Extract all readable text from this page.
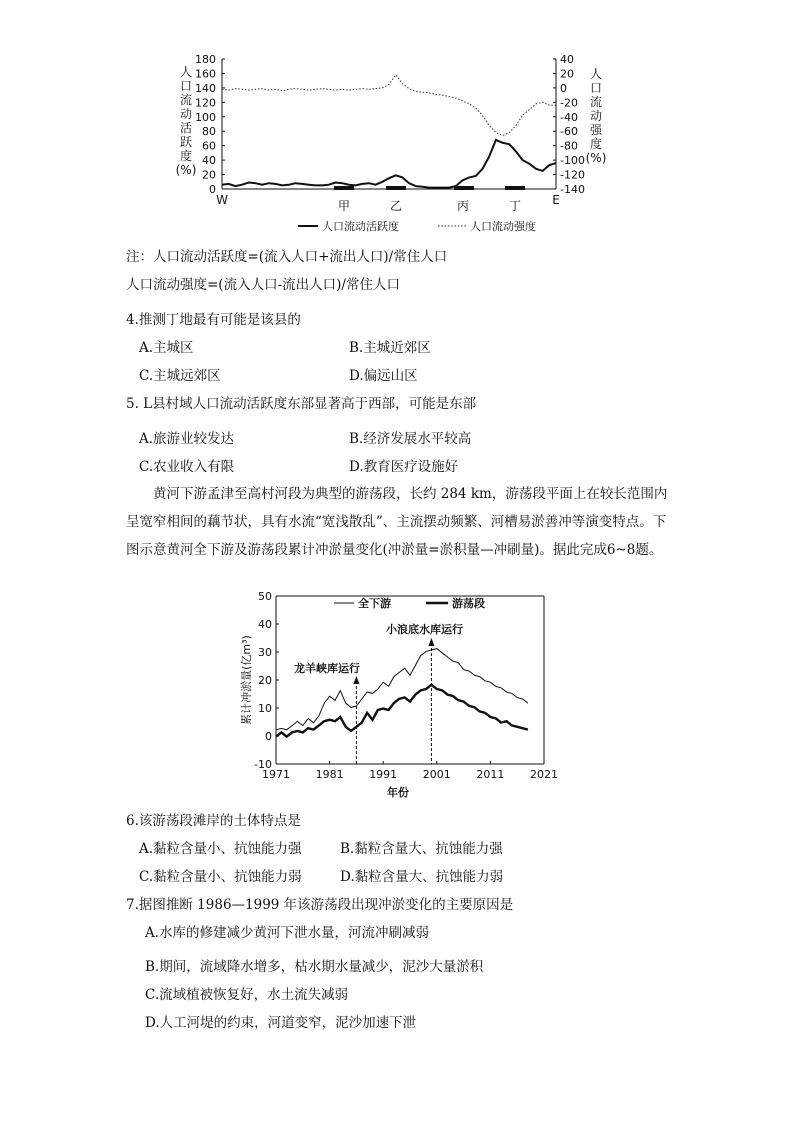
人
口
流
动
活
跃
度
(%)
人
口
流
动
强
度
(%)
180
160
140
120
100
80
60
40
20
0
40
20
0
-20
-40
-60
-80
-100
-120
-140
W	甲	乙	丙	丁	E
人口流动活跃度	人口流动强度
注：人口流动活跃度=(流入人口+流出人口)/常住人口
人口流动强度=(流入人口-流出人口)/常住人口
4.推测丁地最有可能是该县的
A.主城区	B.主城近郊区
C.主城远郊区	D.偏远山区
5. L县村域人口流动活跃度东部显著高于西部，可能是东部
A.旅游业较发达	B.经济发展水平较高
C.农业收入有限	D.教育医疗设施好
黄河下游孟津至高村河段为典型的游荡段，长约 284 km，游荡段平面上在较长范围内呈宽窄相间的藕节状，具有水流“宽浅散乱”、主流摆动频繁、河槽易淤善冲等演变特点。下图示意黄河全下游及游荡段累计冲淤量变化(冲淤量=淤积量—冲刷量)。据此完成6~8题。
累计冲淤量(亿m³)
50
40
30
20
10
0
-10
1971 1981 1991 2001 2011 2021
龙羊峡库运行
小浪底水库运行
全下游	游荡段
年份
6.该游荡段滩岸的土体特点是
A.黏粒含量小、抗蚀能力强	B.黏粒含量大、抗蚀能力强
C.黏粒含量小、抗蚀能力弱	D.黏粒含量大、抗蚀能力弱
7.据图推断 1986—1999 年该游荡段出现冲淤变化的主要原因是
A.水库的修建减少黄河下泄水量，河流冲刷减弱
B.期间，流域降水增多，枯水期水量减少，泥沙大量淤积
C.流域植被恢复好，水土流失减弱
D.人工河堤的约束，河道变窄，泥沙加速下泄
